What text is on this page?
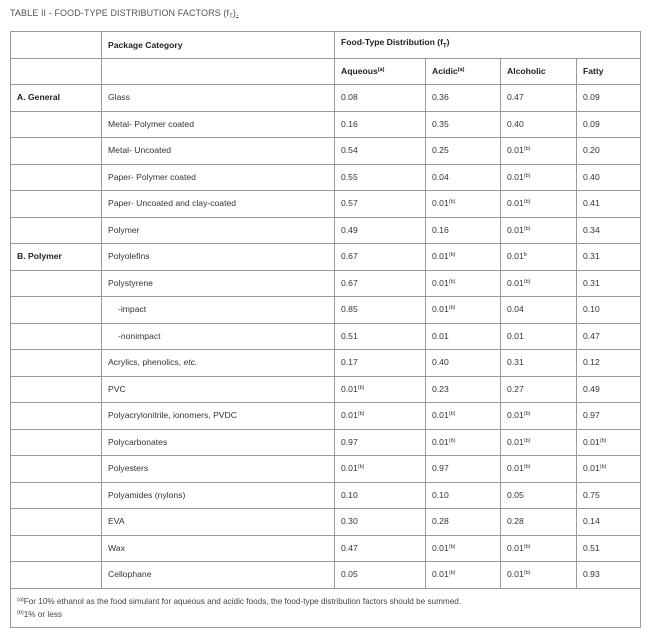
TABLE II - FOOD-TYPE DISTRIBUTION FACTORS $(f_T)$.
	Package Category	Food-Type Distribution $(f_T)$			
		Aqueous$^{(a)}$	Acidic$^{(a)}$	Alcoholic	Fatty
A. General	Glass	0.08	0.36	0.47	0.09
	Metal- Polymer coated	0.16	0.35	0.40	0.09
	Metal- Uncoated	0.54	0.25	0.01$^{(b)}$	0.20
	Paper- Polymer coated	0.55	0.04	0.01$^{(b)}$	0.40
	Paper- Uncoated and clay-coated	0.57	0.01$^{(b)}$	0.01$^{(b)}$	0.41
	Polymer	0.49	0.16	0.01$^{(b)}$	0.34
B. Polymer	Polyolefins	0.67	0.01$^{(b)}$	0.01$^b$	0.31
	Polystyrene	0.67	0.01$^{(b)}$	0.01$^{(b)}$	0.31
	-impact	0.85	0.01$^{(b)}$	0.04	0.10
	-nonimpact	0.51	0.01	0.01	0.47
	Acrylics, phenolics, etc.	0.17	0.40	0.31	0.12
	PVC	0.01$^{(b)}$	0.23	0.27	0.49
	Polyacrylonitrile, ionomers, PVDC	0.01$^{(b)}$	0.01$^{(b)}$	0.01$^{(b)}$	0.97
	Polycarbonates	0.97	0.01$^{(b)}$	0.01$^{(b)}$	0.01$^{(b)}$
	Polyesters	0.01$^{(b)}$	0.97	0.01$^{(b)}$	0.01$^{(b)}$
	Polyamides (nylons)	0.10	0.10	0.05	0.75
	EVA	0.30	0.28	0.28	0.14
	Wax	0.47	0.01$^{(b)}$	0.01$^{(b)}$	0.51
	Cellophane	0.05	0.01$^{(b)}$	0.01$^{(b)}$	0.93

$^{(a)}$For 10% ethanol as the food simulant for aqueous and acidic foods, the food-type distribution factors should be summed.
$^{(b)}$1% or less					
